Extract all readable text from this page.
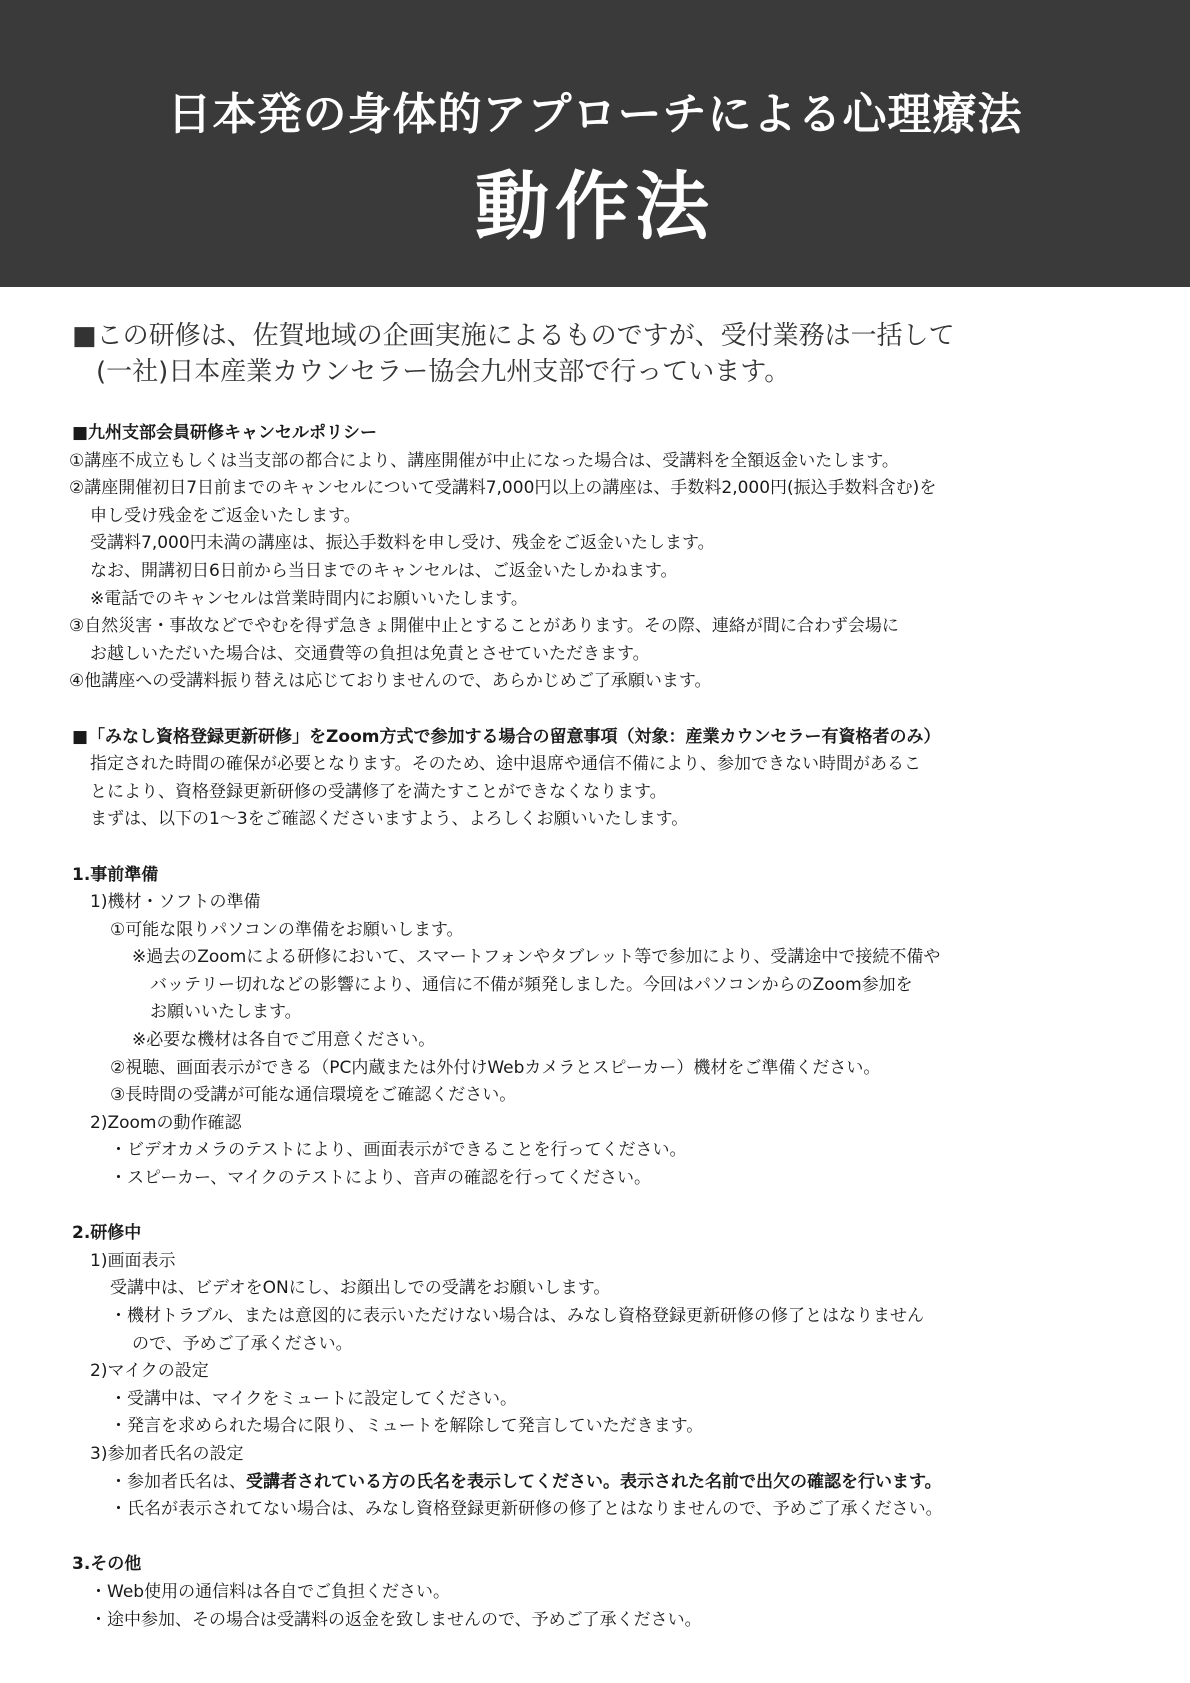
日本発の身体的アプローチによる心理療法
動作法
■この研修は、佐賀地域の企画実施によるものですが、受付業務は一括して
(一社)日本産業カウンセラー協会九州支部で行っています。
■九州支部会員研修キャンセルポリシー
①講座不成立もしくは当支部の都合により、講座開催が中止になった場合は、受講料を全額返金いたします。
②講座開催初日7日前までのキャンセルについて受講料7,000円以上の講座は、手数料2,000円(振込手数料含む)を
申し受け残金をご返金いたします。
受講料7,000円未満の講座は、振込手数料を申し受け、残金をご返金いたします。
なお、開講初日6日前から当日までのキャンセルは、ご返金いたしかねます。
※電話でのキャンセルは営業時間内にお願いいたします。
③自然災害・事故などでやむを得ず急きょ開催中止とすることがあります。その際、連絡が間に合わず会場に
お越しいただいた場合は、交通費等の負担は免責とさせていただきます。
④他講座への受講料振り替えは応じておりませんので、あらかじめご了承願います。
■「みなし資格登録更新研修」をZoom方式で参加する場合の留意事項（対象：産業カウンセラー有資格者のみ）
指定された時間の確保が必要となります。そのため、途中退席や通信不備により、参加できない時間があるこ
とにより、資格登録更新研修の受講修了を満たすことができなくなります。
まずは、以下の1～3をご確認くださいますよう、よろしくお願いいたします。
1.事前準備
1)機材・ソフトの準備
①可能な限りパソコンの準備をお願いします。
※過去のZoomによる研修において、スマートフォンやタブレット等で参加により、受講途中で接続不備や
バッテリー切れなどの影響により、通信に不備が頻発しました。今回はパソコンからのZoom参加を
お願いいたします。
※必要な機材は各自でご用意ください。
②視聴、画面表示ができる（PC内蔵または外付けWebカメラとスピーカー）機材をご準備ください。
③長時間の受講が可能な通信環境をご確認ください。
2)Zoomの動作確認
・ビデオカメラのテストにより、画面表示ができることを行ってください。
・スピーカー、マイクのテストにより、音声の確認を行ってください。
2.研修中
1)画面表示
受講中は、ビデオをONにし、お顔出しでの受講をお願いします。
・機材トラブル、または意図的に表示いただけない場合は、みなし資格登録更新研修の修了とはなりません
ので、予めご了承ください。
2)マイクの設定
・受講中は、マイクをミュートに設定してください。
・発言を求められた場合に限り、ミュートを解除して発言していただきます。
3)参加者氏名の設定
・参加者氏名は、受講者されている方の氏名を表示してください。表示された名前で出欠の確認を行います。
・氏名が表示されてない場合は、みなし資格登録更新研修の修了とはなりませんので、予めご了承ください。
3.その他
・Web使用の通信料は各自でご負担ください。
・途中参加、その場合は受講料の返金を致しませんので、予めご了承ください。
